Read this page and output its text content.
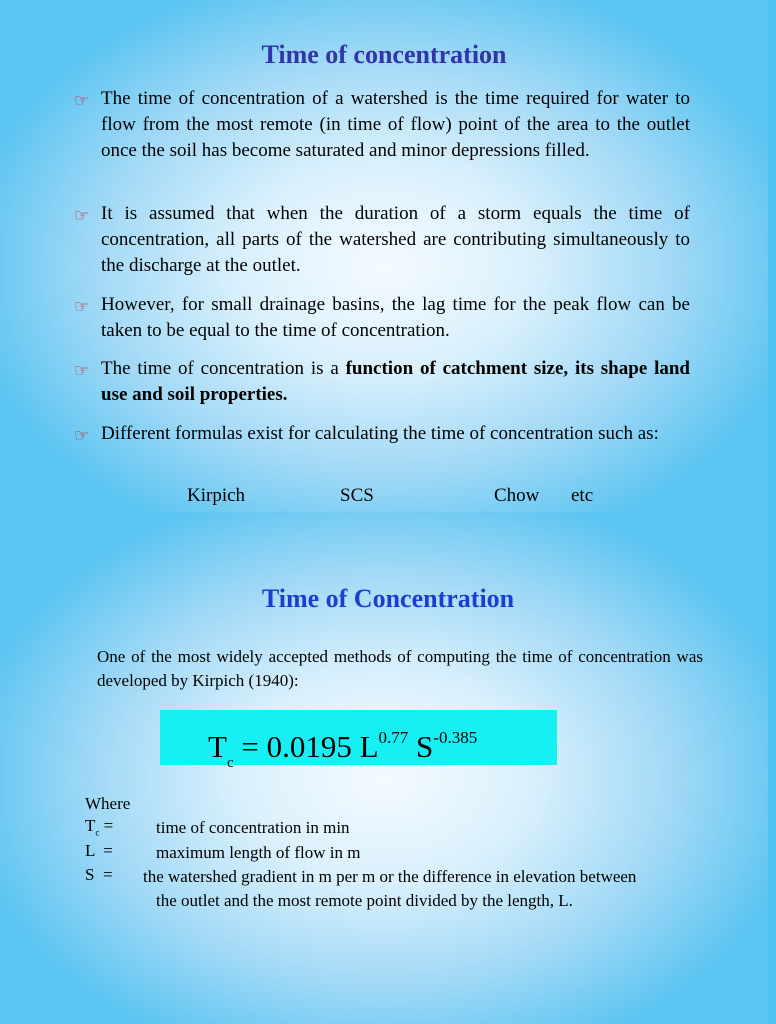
Time of concentration
☞ The time of concentration of a watershed is the time required for water to flow from the most remote (in time of flow) point of the area to the outlet once the soil has become saturated and minor depressions filled.
☞ It is assumed that when the duration of a storm equals the time of concentration, all parts of the watershed are contributing simultaneously to the discharge at the outlet.
☞ However, for small drainage basins, the lag time for the peak flow can be taken to be equal to the time of concentration.
☞ The time of concentration is a function of catchment size, its shape land use and soil properties.
☞ Different formulas exist for calculating the time of concentration such as:
Kirpich	SCS	Chow etc
Time of Concentration
One of the most widely accepted methods of computing the time of concentration was developed by Kirpich (1940):
$T_c = 0.0195$ $L^{0.77}$ $S^{-0.385}$
Where
$T_c$ =	time of concentration in min
L  =	maximum length of flow in m
S  = the watershed gradient in m per m or the difference in elevation between
the outlet and the most remote point divided by the length, L.
